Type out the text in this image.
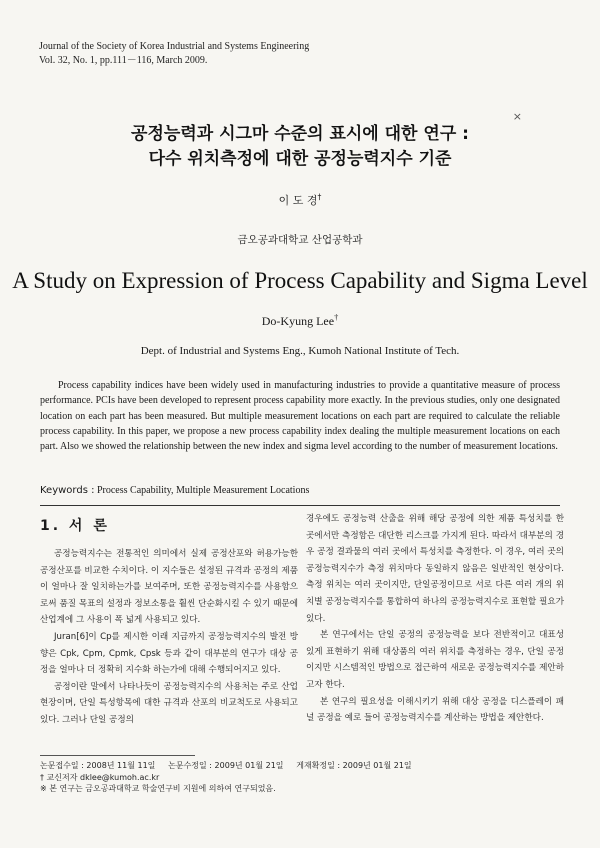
Journal of the Society of Korea Industrial and Systems Engineering
Vol. 32, No. 1, pp.111－116, March 2009.
×
공정능력과 시그마 수준의 표시에 대한 연구 :
다수 위치측정에 대한 공정능력지수 기준
이 도 경†
금오공과대학교 산업공학과
A Study on Expression of Process Capability and Sigma Level
Do-Kyung Lee†
Dept. of Industrial and Systems Eng., Kumoh National Institute of Tech.

Process capability indices have been widely used in manufacturing industries to provide a quantitative measure of process performance. PCIs have been developed to represent process capability more exactly. In the previous studies, only one designated location on each part has been measured. But multiple measurement locations on each part are required to calculate the reliable process capability. In this paper, we propose a new process capability index dealing the multiple measurement locations on each part. Also we showed the relationship between the new index and sigma level according to the number of measurement locations.

Keywords : Process Capability, Multiple Measurement Locations
1. 서 론

공정능력지수는 전통적인 의미에서 실제 공정산포와 허용가능한 공정산포를 비교한 수치이다. 이 지수들은 설정된 규격과 공정의 제품이 얼마나 잘 일치하는가를 보여주며, 또한 공정능력지수를 사용함으로써 품질 목표의 설정과 정보소통을 훨씬 단순화시킬 수 있기 때문에 산업계에 그 사용이 폭 넓게 사용되고 있다.

Juran[6]이 Cp를 제시한 이래 지금까지 공정능력지수의 발전 방향은 Cpk, Cpm, Cpmk, Cpsk 등과 같이 대부분의 연구가 대상 공정을 얼마나 더 정확히 지수화 하는가에 대해 수행되어지고 있다.

공정이란 말에서 나타나듯이 공정능력지수의 사용처는 주로 산업현장이며, 단일 특성항목에 대한 규격과 산포의 비교척도로 사용되고 있다. 그러나 단일 공정의

경우에도 공정능력 산출을 위해 해당 공정에 의한 제품 특성치를 한 곳에서만 측정함은 대단한 리스크를 가지게 된다. 따라서 대부분의 경우 공정 결과물의 여러 곳에서 특성치를 측정한다. 이 경우, 여러 곳의 공정능력지수가 측정 위치마다 동일하지 않음은 일반적인 현상이다. 측정 위치는 여러 곳이지만, 단일공정이므로 서로 다른 여러 개의 위치별 공정능력지수를 통합하여 하나의 공정능력지수로 표현할 필요가 있다.

본 연구에서는 단일 공정의 공정능력을 보다 전반적이고 대표성 있게 표현하기 위해 대상품의 여러 위치를 측정하는 경우, 단일 공정이지만 시스템적인 방법으로 접근하여 새로운 공정능력지수를 제안하고자 한다.

본 연구의 필요성을 이해시키기 위해 대상 공정을 디스플레이 패널 공정을 예로 들어 공정능력지수를 계산하는 방법을 제안한다.

논문접수일 : 2008년 11월 11일     논문수정일 : 2009년 01월 21일     게재확정일 : 2009년 01월 21일
† 교신저자 dklee@kumoh.ac.kr
※ 본 연구는 금오공과대학교 학술연구비 지원에 의하여 연구되었음.
